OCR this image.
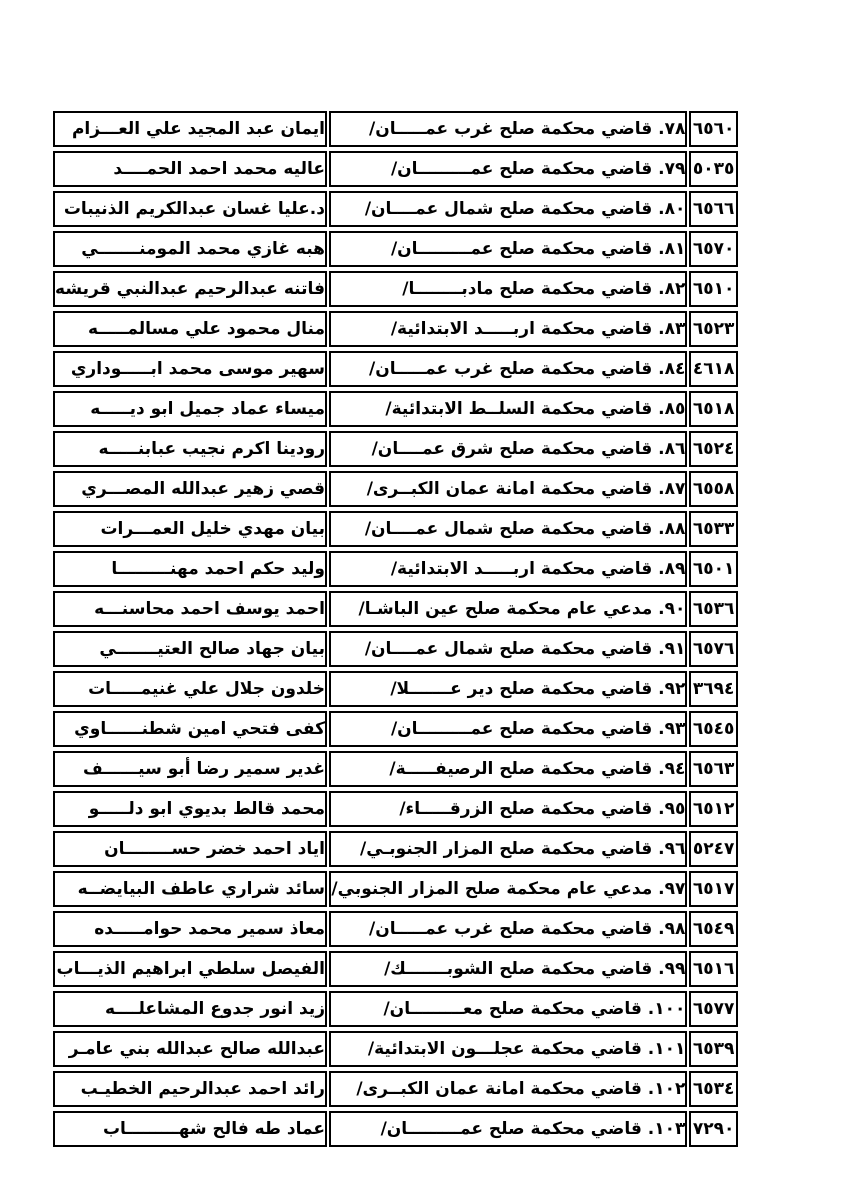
٦٥٦٠		٧٨. قاضي محكمة صلح غرب عمـــــان/		ايمان عبد المجيد علي العـــزام
٥٠٣٥		٧٩. قاضي محكمة صلح عمـــــــــان/		عاليه محمد احمد الحمــــد
٦٥٦٦		٨٠. قاضي محكمة صلح شمال عمــــان/		د.عليا غسان عبدالكريم الذنيبات
٦٥٧٠		٨١. قاضي محكمة صلح عمـــــــــان/		هبه غازي محمد المومنـــــــي
٦٥١٠		٨٢. قاضي محكمة صلح مادبــــــــا/		فاتنه عبدالرحيم عبدالنبي قريشه
٦٥٢٣		٨٣. قاضي محكمة اربـــــد الابتدائية/		منال محمود علي مسالمـــــه
٤٦١٨		٨٤. قاضي محكمة صلح غرب عمـــــان/		سهير موسى محمد ابـــــوداري
٦٥١٨		٨٥. قاضي محكمة السلــط الابتدائية/		ميساء عماد جميل ابو ديـــــه
٦٥٢٤		٨٦. قاضي محكمة صلح شرق عمــــان/		رودينا اكرم نجيب عبابنـــــه
٦٥٥٨		٨٧. قاضي محكمة امانة عمان الكبــرى/		قصي زهير عبدالله المصـــري
٦٥٣٣		٨٨. قاضي محكمة صلح شمال عمــــان/		بيان مهدي خليل العمـــرات
٦٥٠١		٨٩. قاضي محكمة اربـــــد الابتدائية/		وليد حكم احمد مهنـــــــــا
٦٥٣٦		٩٠. مدعي عام محكمة صلح عين الباشـا/		احمد يوسف احمد محاسنـــه
٦٥٧٦		٩١. قاضي محكمة صلح شمال عمــــان/		بيان جهاد صالح العتيـــــــي
٣٦٩٤		٩٢. قاضي محكمة صلح دير عـــــــلا/		خلدون جلال علي غنيمـــــات
٦٥٤٥		٩٣. قاضي محكمة صلح عمـــــــــان/		كفى فتحي امين شطنــــــاوي
٦٥٦٣		٩٤. قاضي محكمة صلح الرصيفـــــة/		غدير سمير رضا أبو سيــــــف
٦٥١٢		٩٥. قاضي محكمة صلح الزرقـــــاء/		محمد قالط بديوي ابو دلـــــو
٥٢٤٧		٩٦. قاضي محكمة صلح المزار الجنوبـي/		اياد احمد خضر حســــــــان
٦٥١٧		٩٧. مدعي عام محكمة صلح المزار الجنوبي/		سائد شراري عاطف البيايضــه
٦٥٤٩		٩٨. قاضي محكمة صلح غرب عمـــــان/		معاذ سمير محمد حوامـــــده
٦٥١٦		٩٩. قاضي محكمة صلح الشوبـــــــك/		الفيصل سلطي ابراهيم الذيـــاب
٦٥٧٧		١٠٠. قاضي محكمة صلح معـــــــــان/		زيد انور جدوع المشاعلــــه
٦٥٣٩		١٠١. قاضي محكمة عجلـــون الابتدائية/		عبدالله صالح عبدالله بني عامـر
٦٥٣٤		١٠٢. قاضي محكمة امانة عمان الكبــرى/		رائد احمد عبدالرحيم الخطيـب
٧٢٩٠		١٠٣. قاضي محكمة صلح عمـــــــــان/		عماد طه فالح شهـــــــــاب
